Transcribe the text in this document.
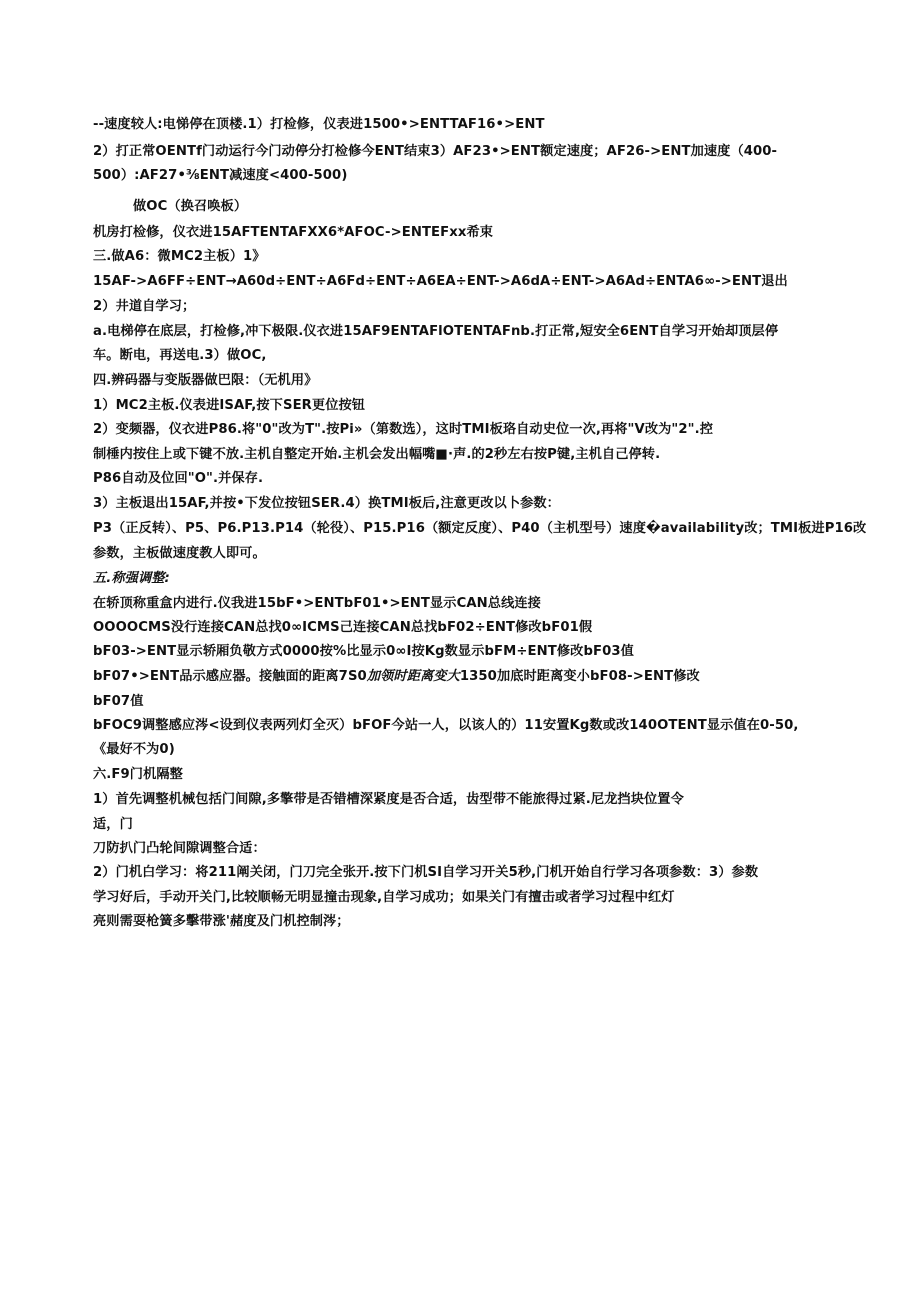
--速度较人:电悌停在顶楼.1）打检修，仪表进1500•>ENTTAF16•>ENT
2）打正常OENTf门动运行今门动停分打检修今ENT结束3）AF23•>ENT额定速度；AF26->ENT加速度（400-
500）:AF27•⅜ENT减速度<400-500)
做OC（换召唤板）
机房打检修，仪衣进15AFTENTAFXX6*AFOC->ENTEFxx希束
三.做A6：微MC2主板）1》
15AF->A6FF÷ENT→A60d÷ENT÷A6Fd÷ENT÷A6EA÷ENT->A6dA÷ENT->A6Ad÷ENTA6∞->ENT退出
2）井道自学习；
a.电梯停在底层，打检修,冲下极限.仪衣进15AF9ENTAFlOTENTAFnb.打正常,短安全6ENT自学习开始却顶层停
车。断电，再送电.3）做OC,
四.辨码器与变版器做巴限：（无机用》
1）MC2主板.仪表进ISAF,按下SER更位按钮
2）变频器，仪衣进P86.将"0"改为T".按Pi»（第数选），这时TMI板珞自动史位一次,再将"V改为"2".控
制棰内按住上或下键不放.主机自整定开始.主机会发出幅嘴■·声.的2秒左右按P键,主机自己停转.
P86自动及位回"O".并保存.
3）主板退出15AF,并按•下发位按钮SER.4）换TMI板后,注意更改以卜参数：
P3（正反转）、P5、P6.P13.P14（轮役）、P15.P16（额定反度）、P40（主机型号）速度�availability改；TMI板进P16改
参数，主板做速度教人即可。
五.称强调整:
在轿顶称重盒内进行.仪我进15bF•>ENTbF01•>ENT显示CAN总线连接
OOOOCMS没行连接CAN总找0∞ICMS己连接CAN总找bF02÷ENT修改bF01假
bF03->ENT显示轿厢负敬方式0000按%比显示0∞I按Kg数显示bFM÷ENT修改bF03值
bF07•>ENT品示感应器。接触面的距离7S0加领时距离变大1350加底时距离变小bF08->ENT修改
bF07值
bFOC9调整感应涔<设到仪表两列灯全灭）bFOF今站一人，以该人的）11安置Kg数或改140OTENT显示值在0-50,
《最好不为0)
六.F9门机隔整
1）首先调整机械包括门间隙,多擎带是否错槽深紧度是否合适，齿型带不能旅得过紧.尼龙挡块位置令
适，门
刀防扒门凸轮间隙调整合适：
2）门机白学习：将211阐关闭，门刀完全张开.按下门机SI自学习开关5秒,门机开始自行学习各项参数：3）参数
学习好后，手动开关门,比较顺畅无明显撞击现象,自学习成功；如果关门有擅击或者学习过程中红灯
亮则需耍枪簧多擊带涨'赭度及门机控制涔；
